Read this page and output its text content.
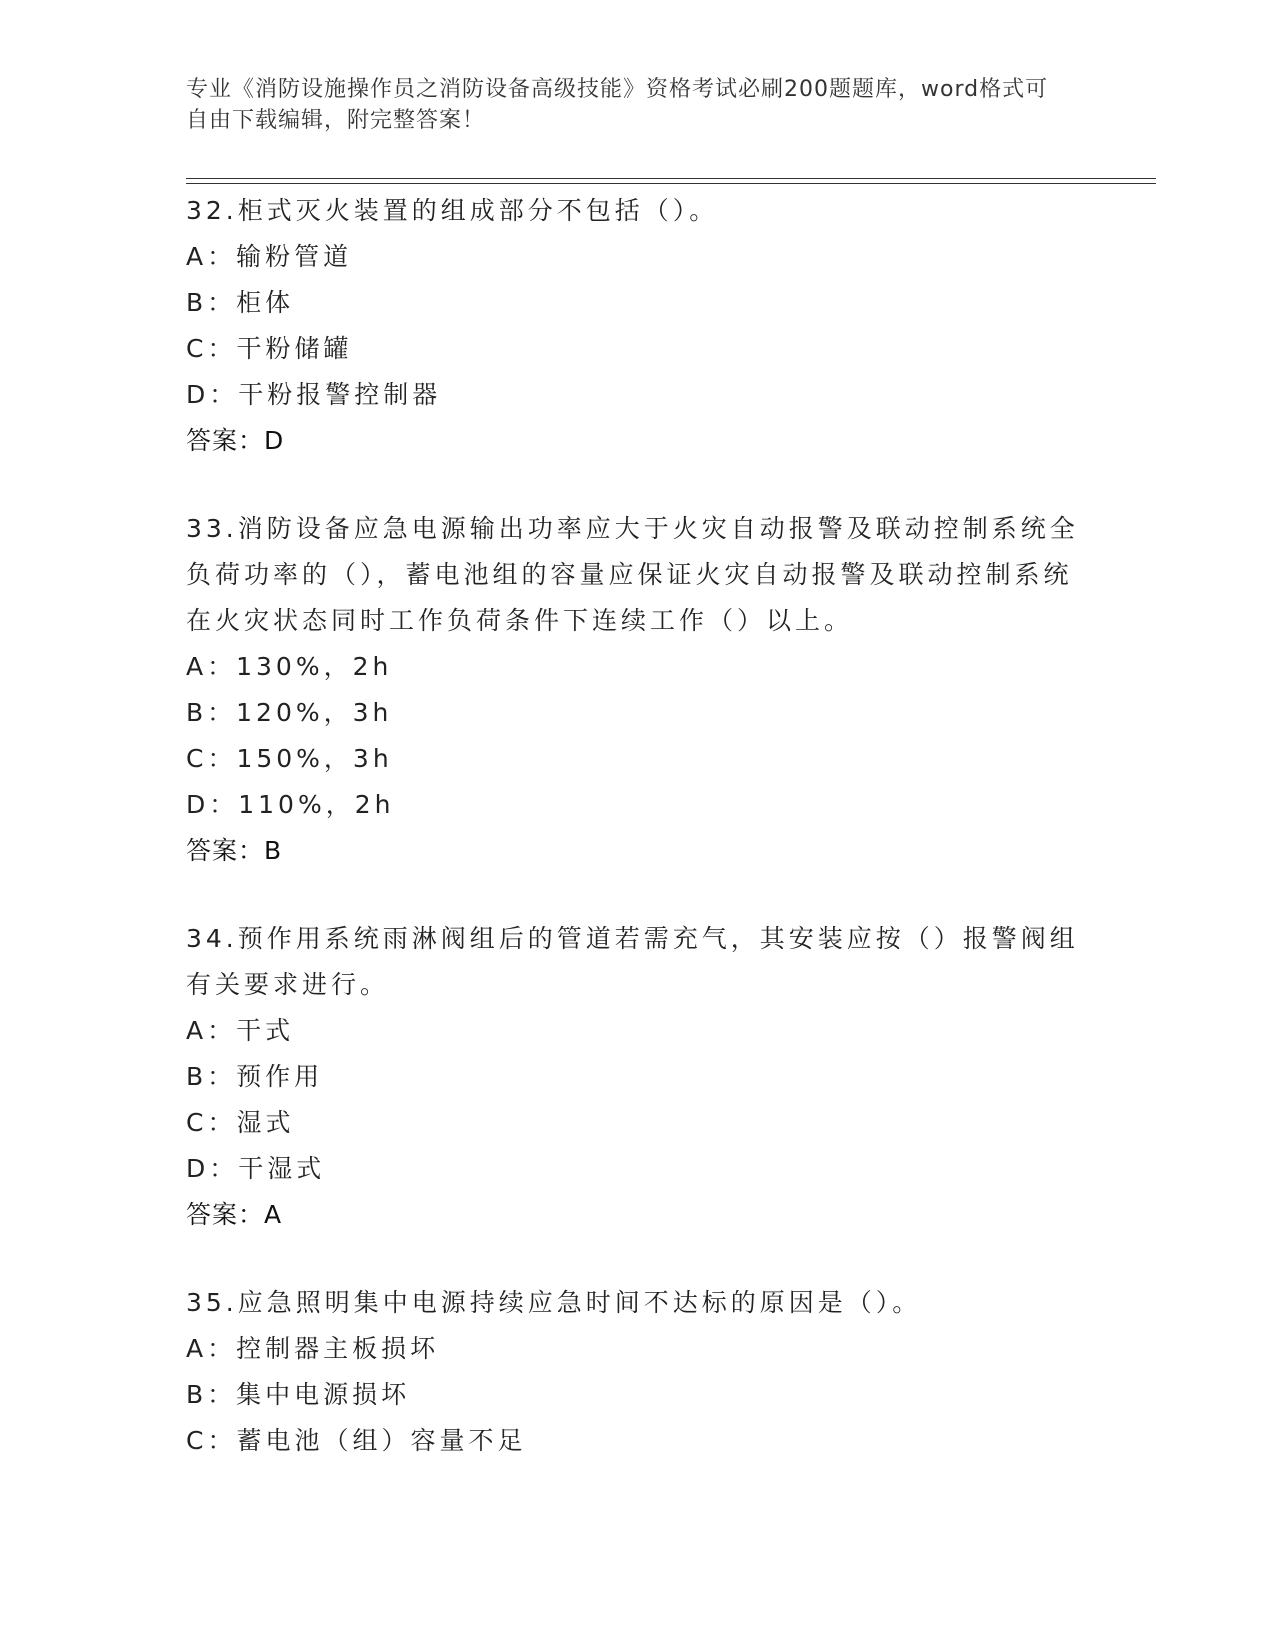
专业《消防设施操作员之消防设备高级技能》资格考试必刷200题题库，word格式可自由下载编辑，附完整答案！
32.柜式灭火装置的组成部分不包括（）。
A：输粉管道
B：柜体
C：干粉储罐
D：干粉报警控制器
答案：D
33.消防设备应急电源输出功率应大于火灾自动报警及联动控制系统全负荷功率的（），蓄电池组的容量应保证火灾自动报警及联动控制系统在火灾状态同时工作负荷条件下连续工作（）以上。
A：130%，2h
B：120%，3h
C：150%，3h
D：110%，2h
答案：B
34.预作用系统雨淋阀组后的管道若需充气，其安装应按（）报警阀组有关要求进行。
A：干式
B：预作用
C：湿式
D：干湿式
答案：A
35.应急照明集中电源持续应急时间不达标的原因是（）。
A：控制器主板损坏
B：集中电源损坏
C：蓄电池（组）容量不足
